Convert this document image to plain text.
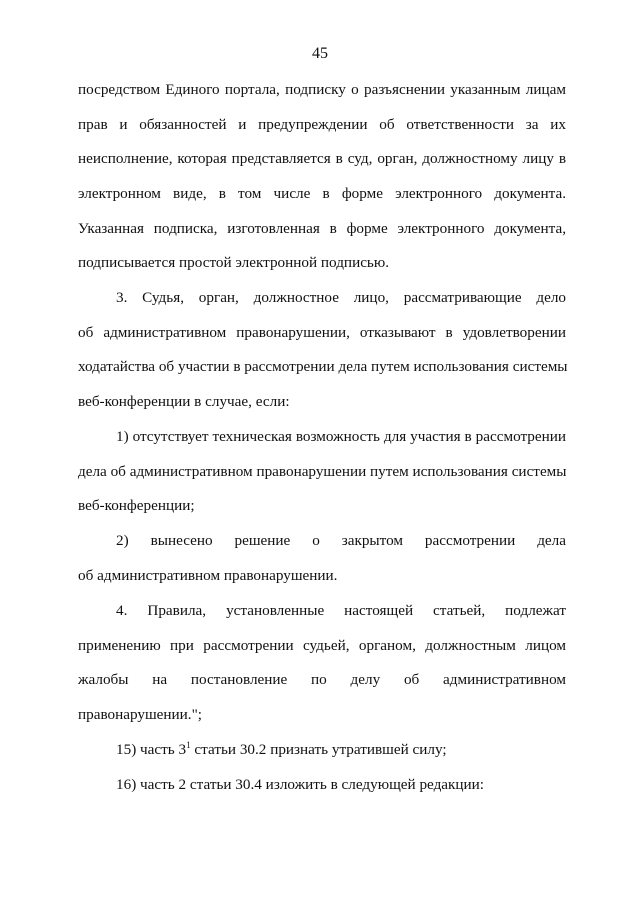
45
посредством Единого портала, подписку о разъяснении указанным лицам
прав и обязанностей и предупреждении об ответственности за их
неисполнение, которая представляется в суд, орган, должностному лицу в
электронном виде, в том числе в форме электронного документа.
Указанная подписка, изготовленная в форме электронного документа,
подписывается простой электронной подписью.
3. Судья, орган, должностное лицо, рассматривающие дело
об административном правонарушении, отказывают в удовлетворении
ходатайства об участии в рассмотрении дела путем использования системы
веб-конференции в случае, если:
1) отсутствует техническая возможность для участия в рассмотрении
дела об административном правонарушении путем использования системы
веб-конференции;
2) вынесено решение о закрытом рассмотрении дела
об административном правонарушении.
4. Правила, установленные настоящей статьей, подлежат
применению при рассмотрении судьей, органом, должностным лицом
жалобы на постановление по делу об административном
правонарушении.";
15) часть $3^1$ статьи 30.2 признать утратившей силу;
16) часть 2 статьи 30.4 изложить в следующей редакции:
